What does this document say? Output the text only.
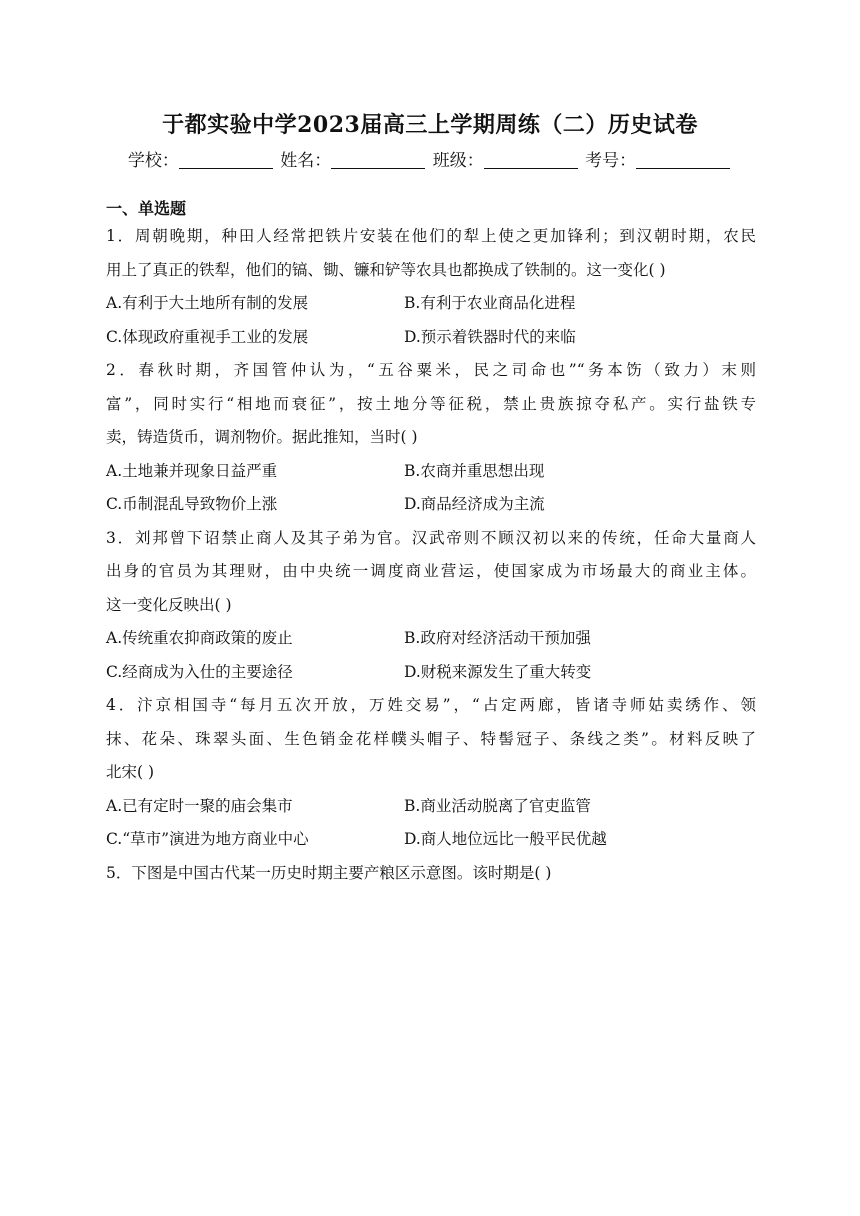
于都实验中学2023届高三上学期周练（二）历史试卷
学校：	姓名：	班级：	考号：
一、单选题
1．周朝晚期，种田人经常把铁片安装在他们的犁上使之更加锋利；到汉朝时期，农民
用上了真正的铁犁，他们的镐、锄、镰和铲等农具也都换成了铁制的。这一变化( )
A.有利于大土地所有制的发展	B.有利于农业商品化进程
C.体现政府重视手工业的发展	D.预示着铁器时代的来临
2．春秋时期，齐国管仲认为，“五谷粟米，民之司命也”“务本饬（致力）末则
富”，同时实行“相地而衰征”，按土地分等征税，禁止贵族掠夺私产。实行盐铁专
卖，铸造货币，调剂物价。据此推知，当时( )
A.土地兼并现象日益严重	B.农商并重思想出现
C.币制混乱导致物价上涨	D.商品经济成为主流
3．刘邦曾下诏禁止商人及其子弟为官。汉武帝则不顾汉初以来的传统，任命大量商人
出身的官员为其理财，由中央统一调度商业营运，使国家成为市场最大的商业主体。
这一变化反映出( )
A.传统重农抑商政策的废止	B.政府对经济活动干预加强
C.经商成为入仕的主要途径	D.财税来源发生了重大转变
4．汴京相国寺“每月五次开放，万姓交易”，“占定两廊，皆诸寺师姑卖绣作、领
抹、花朵、珠翠头面、生色销金花样幞头帽子、特髻冠子、条线之类”。材料反映了
北宋( )
A.已有定时一聚的庙会集市	B.商业活动脱离了官吏监管
C.“草市”演进为地方商业中心	D.商人地位远比一般平民优越
5．下图是中国古代某一历史时期主要产粮区示意图。该时期是( )
